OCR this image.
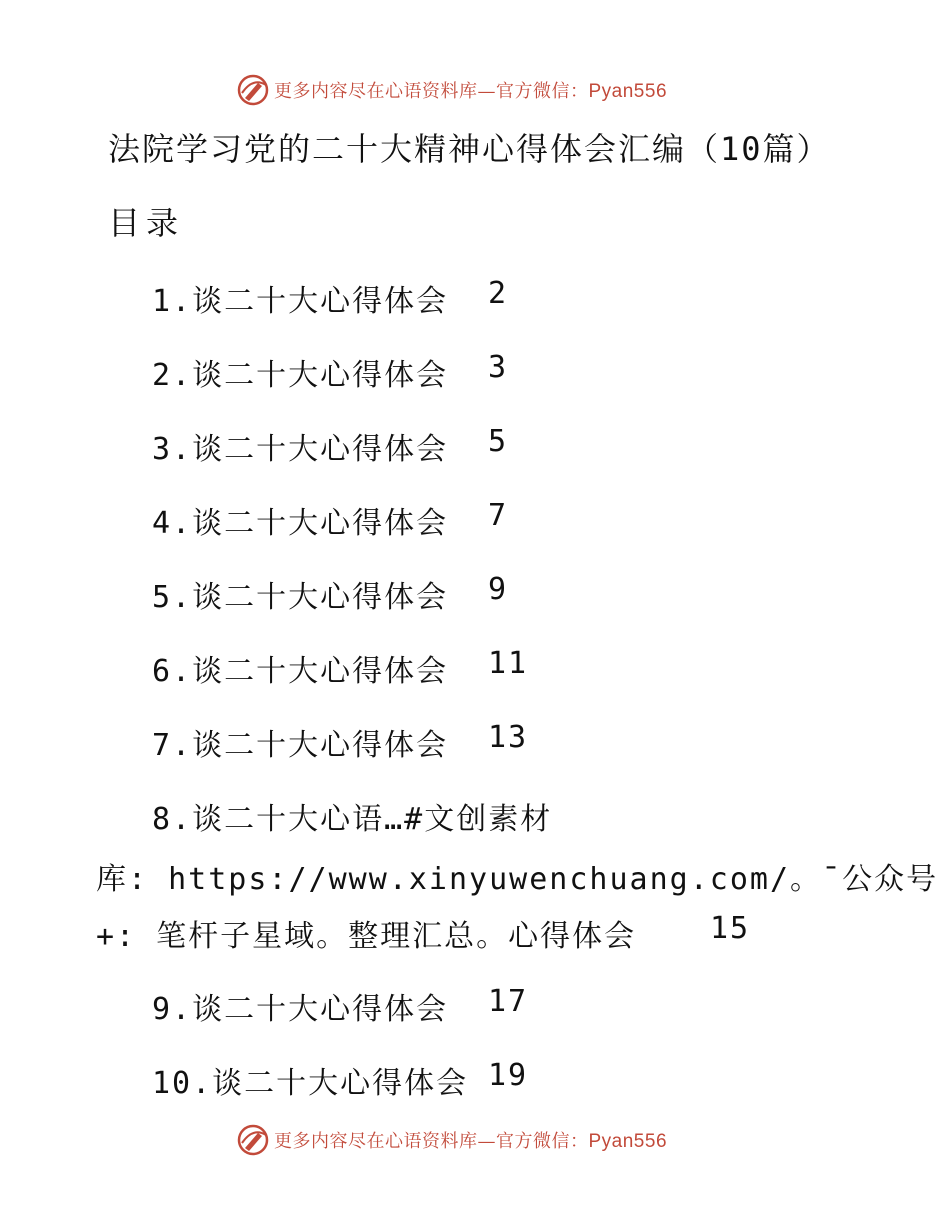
更多内容尽在心语资料库—官方微信：Pyan556
法院学习党的二十大精神心得体会汇编（10篇）
目录
1.谈二十大心得体会 2
2.谈二十大心得体会 3
3.谈二十大心得体会 5
4.谈二十大心得体会 7
5.谈二十大心得体会 9
6.谈二十大心得体会 11
7.谈二十大心得体会 13
8.谈二十大心语…#文创素材
库: https://www.xinyuwenchuang.com/。¯公众号
+: 笔杆子星域。整理汇总。心得体会 15
9.谈二十大心得体会 17
10.谈二十大心得体会 19
更多内容尽在心语资料库—官方微信：Pyan556
